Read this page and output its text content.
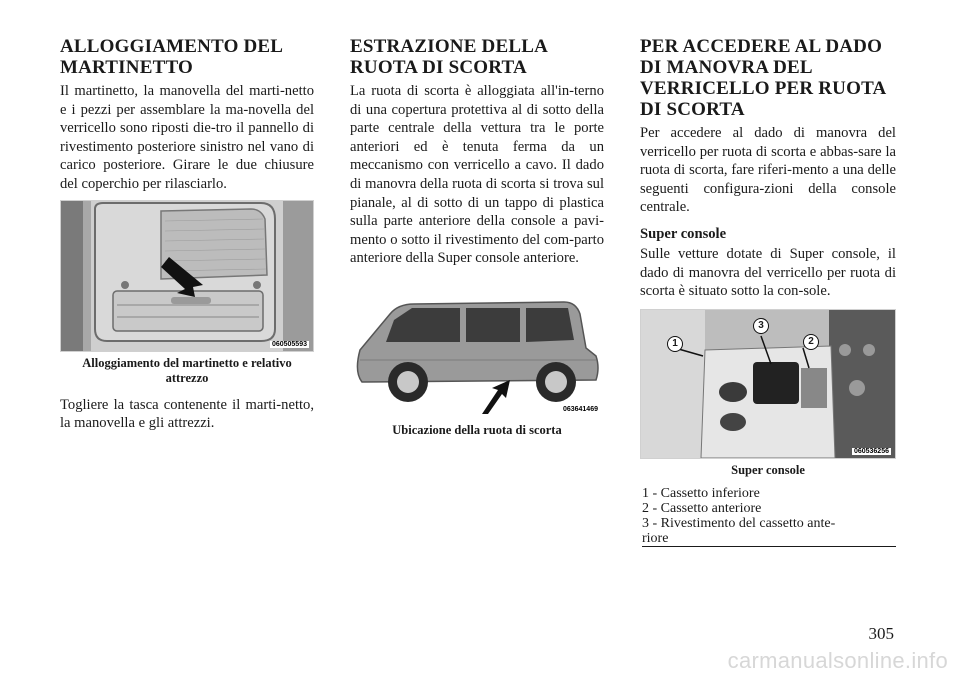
ALLOGGIAMENTO DEL MARTINETTO

Il martinetto, la manovella del marti-netto e i pezzi per assemblare la ma-novella del verricello sono riposti die-tro il pannello di rivestimento posteriore sinistro nel vano di carico posteriore. Girare le due chiusure del coperchio per rilasciarlo.

060505593
Alloggiamento del martinetto e relativo attrezzo

Togliere la tasca contenente il marti-netto, la manovella e gli attrezzi.

ESTRAZIONE DELLA RUOTA DI SCORTA

La ruota di scorta è alloggiata all'in-terno di una copertura protettiva al di sotto della parte centrale della vettura tra le porte anteriori ed è tenuta ferma da un meccanismo con verricello a cavo. Il dado di manovra della ruota di scorta si trova sul pianale, al di sotto di un tappo di plastica sulla parte anteriore della console a pavi-mento o sotto il rivestimento del com-parto anteriore della Super console anteriore.

063641469
Ubicazione della ruota di scorta
PER ACCEDERE AL DADO DI MANOVRA DEL VERRICELLO PER RUOTA DI SCORTA

Per accedere al dado di manovra del verricello per ruota di scorta e abbas-sare la ruota di scorta, fare riferi-mento a una delle seguenti configura-zioni della console centrale.

Super console

Sulle vetture dotate di Super console, il dado di manovra del verricello per ruota di scorta è situato sotto la con-sole.

1	2
3
060536256
Super console
1 - Cassetto inferiore
2 - Cassetto anteriore
3 - Rivestimento del cassetto ante-
riore
305
carmanualsonline.info
